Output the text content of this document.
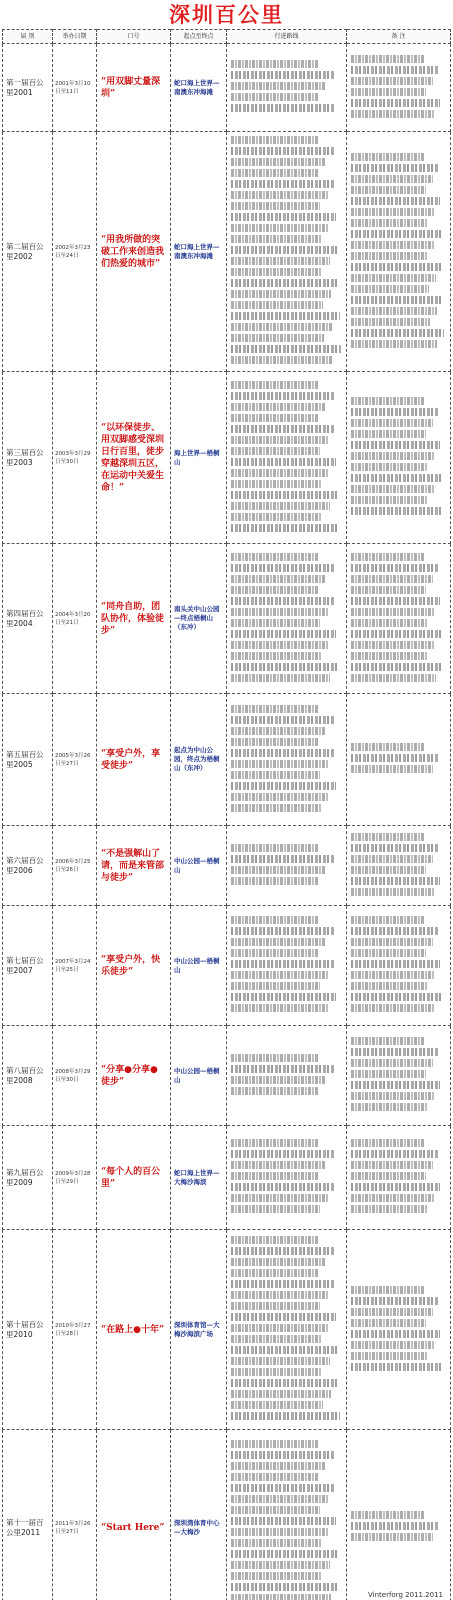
深圳百公里
届 别	举办日期	口号	起点至终点	行进路线	备 注
第一届百公里2001	2001年3月10日至11日	“用双脚丈量深圳”	蛇口海上世界—南澳东冲海滩	

第二届百公里2002	2002年3月23日至24日	“用我所做的突破工作来创造我们热爱的城市”	蛇口海上世界—南澳东冲海滩	

第三届百公里2003	2003年3月29日至30日	“以环保徒步、用双脚感受深圳日行百里，徒步穿越深圳五区，在运动中关爱生命！”	海上世界—梧桐山	

第四届百公里2004	2004年3月20日至21日	“同舟自助，团队协作，体验徒步”	南头关中山公园—终点梧桐山（东冲）	

第五届百公里2005	2005年3月26日至27日	“享受户外，享受徒步”	起点为中山公园，终点为梧桐山（东冲）	

第六届百公里2006	2006年3月25日至26日	“不是强解山了请，而是来管部与徒步”	中山公园—梧桐山	

第七届百公里2007	2007年3月24日至25日	“享受户外，快乐徒步”	中山公园—梧桐山	

第八届百公里2008	2008年3月29日至30日	“分享●分享●徒步”	中山公园—梧桐山	

第九届百公里2009	2009年3月28日至29日	“每个人的百公里”	蛇口海上世界—大梅沙海滨	

第十届百公里2010	2010年3月27日至28日	“在路上●十年”	深圳体育馆—大梅沙海滨广场	

第十一届百公里2011	2011年3月26日至27日	“Start Here”	深圳湾体育中心—大梅沙	

Vinterforg 2011.2011
